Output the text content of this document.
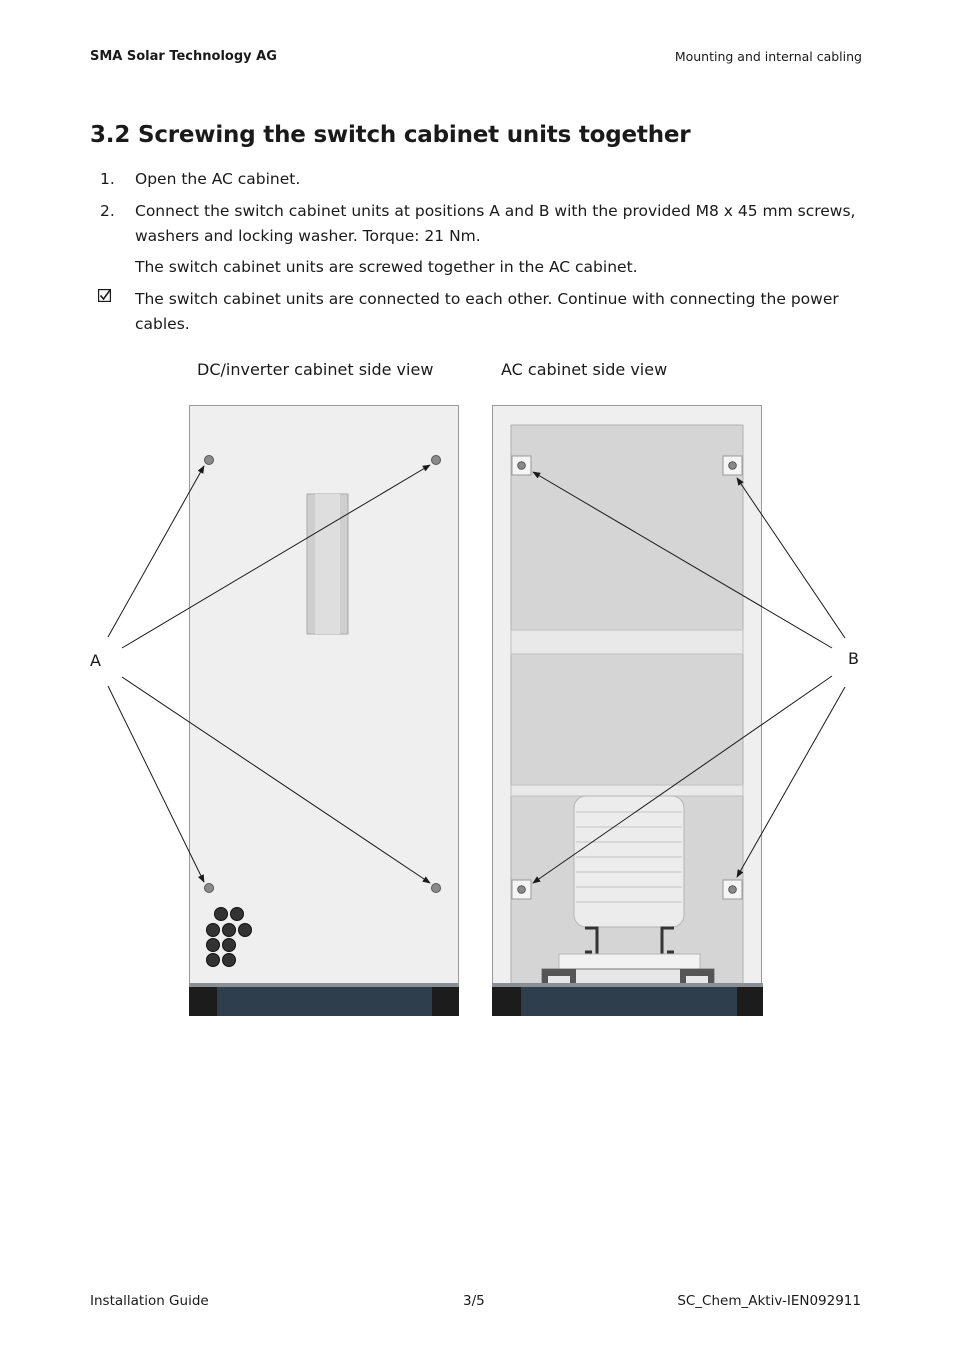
SMA Solar Technology AG	Mounting and internal cabling
3.2 Screwing the switch cabinet units together
1.	Open the AC cabinet.
2.	Connect the switch cabinet units at positions A and B with the provided M8 x 45 mm screws, washers and locking washer. Torque: 21 Nm.
The switch cabinet units are screwed together in the AC cabinet.
The switch cabinet units are connected to each other. Continue with connecting the power cables.
DC/inverter cabinet side view	AC cabinet side view
A	B
Installation Guide	3/5	SC_Chem_Aktiv-IEN092911
